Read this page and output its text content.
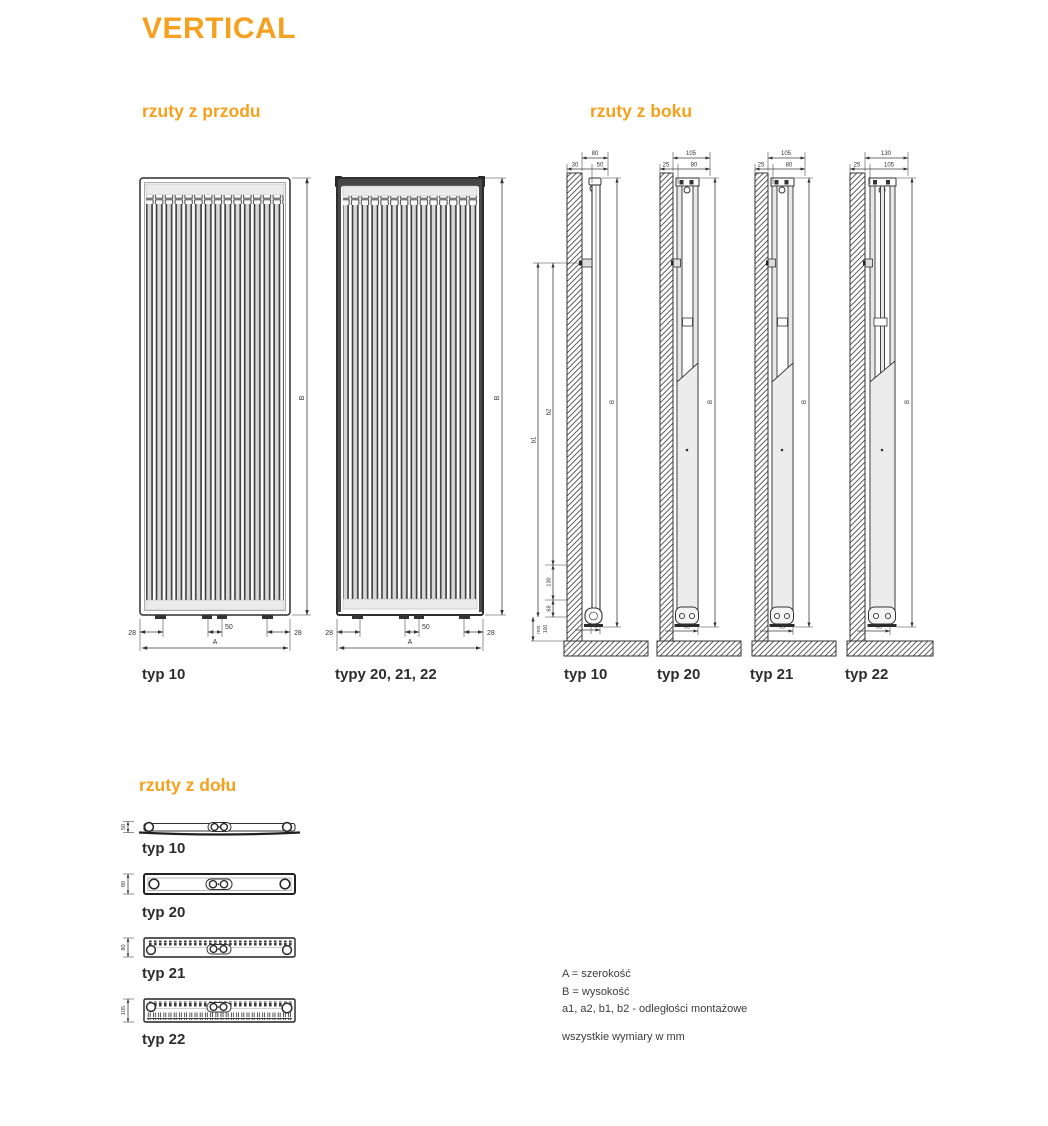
VERTICAL
rzuty z przodu	rzuty z boku
rzuty z dołu
B
28
50
28
A
B
28
50
28
A
typ 10	typy 20, 21, 22
80
30	50
b1
b2
130
68
min. 100	48
B
105
25	80
65
B
105
25	80
65
B
130
25	105
65
B
typ 10	typ 20	typ 21	typ 22
50
80
80
105
typ 10
typ 20
typ 21
typ 22
A = szerokość
B = wysokość
a1, a2, b1, b2 - odległości montażowe
wszystkie wymiary w mm
